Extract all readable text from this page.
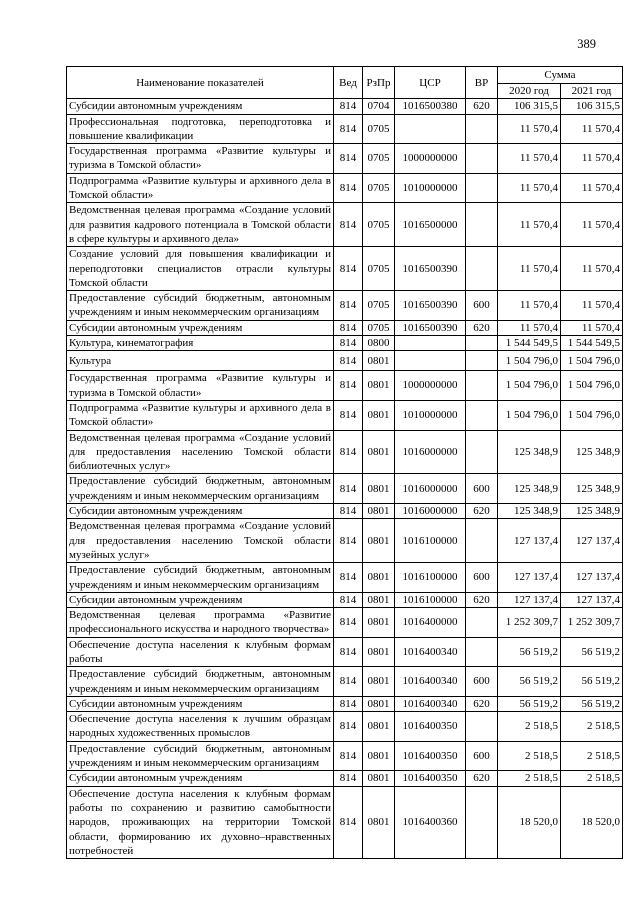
389
Наименование показателей	Вед	РзПр	ЦСР	ВР	Сумма	
					2020 год	2021 год
Субсидии автономным учреждениям	814	0704	1016500380	620	106 315,5	106 315,5
Профессиональная подготовка, переподготовка и повышение квалификации	814	0705			11 570,4	11 570,4
Государственная программа «Развитие культуры и туризма в Томской области»	814	0705	1000000000		11 570,4	11 570,4
Подпрограмма «Развитие культуры и архивного дела в Томской области»	814	0705	1010000000		11 570,4	11 570,4
Ведомственная целевая программа «Создание условий для развития кадрового потенциала в Томской области в сфере культуры и архивного дела»	814	0705	1016500000		11 570,4	11 570,4
Создание условий для повышения квалификации и переподготовки специалистов отрасли культуры Томской области	814	0705	1016500390		11 570,4	11 570,4
Предоставление субсидий бюджетным, автономным учреждениям и иным некоммерческим организациям	814	0705	1016500390	600	11 570,4	11 570,4
Субсидии автономным учреждениям	814	0705	1016500390	620	11 570,4	11 570,4
Культура, кинематография	814	0800			1 544 549,5	1 544 549,5
Культура	814	0801			1 504 796,0	1 504 796,0
Государственная программа «Развитие культуры и туризма в Томской области»	814	0801	1000000000		1 504 796,0	1 504 796,0
Подпрограмма «Развитие культуры и архивного дела в Томской области»	814	0801	1010000000		1 504 796,0	1 504 796,0
Ведомственная целевая программа «Создание условий для предоставления населению Томской области библиотечных услуг»	814	0801	1016000000		125 348,9	125 348,9
Предоставление субсидий бюджетным, автономным учреждениям и иным некоммерческим организациям	814	0801	1016000000	600	125 348,9	125 348,9
Субсидии автономным учреждениям	814	0801	1016000000	620	125 348,9	125 348,9
Ведомственная целевая программа «Создание условий для предоставления населению Томской области музейных услуг»	814	0801	1016100000		127 137,4	127 137,4
Предоставление субсидий бюджетным, автономным учреждениям и иным некоммерческим организациям	814	0801	1016100000	600	127 137,4	127 137,4
Субсидии автономным учреждениям	814	0801	1016100000	620	127 137,4	127 137,4
Ведомственная целевая программа «Развитие профессионального искусства и народного творчества»	814	0801	1016400000		1 252 309,7	1 252 309,7
Обеспечение доступа населения к клубным формам работы	814	0801	1016400340		56 519,2	56 519,2
Предоставление субсидий бюджетным, автономным учреждениям и иным некоммерческим организациям	814	0801	1016400340	600	56 519,2	56 519,2
Субсидии автономным учреждениям	814	0801	1016400340	620	56 519,2	56 519,2
Обеспечение доступа населения к лучшим образцам народных художественных промыслов	814	0801	1016400350		2 518,5	2 518,5
Предоставление субсидий бюджетным, автономным учреждениям и иным некоммерческим организациям	814	0801	1016400350	600	2 518,5	2 518,5
Субсидии автономным учреждениям	814	0801	1016400350	620	2 518,5	2 518,5
Обеспечение доступа населения к клубным формам работы по сохранению и развитию самобытности народов, проживающих на территории Томской области, формированию их духовно–нравственных потребностей	814	0801	1016400360		18 520,0	18 520,0
